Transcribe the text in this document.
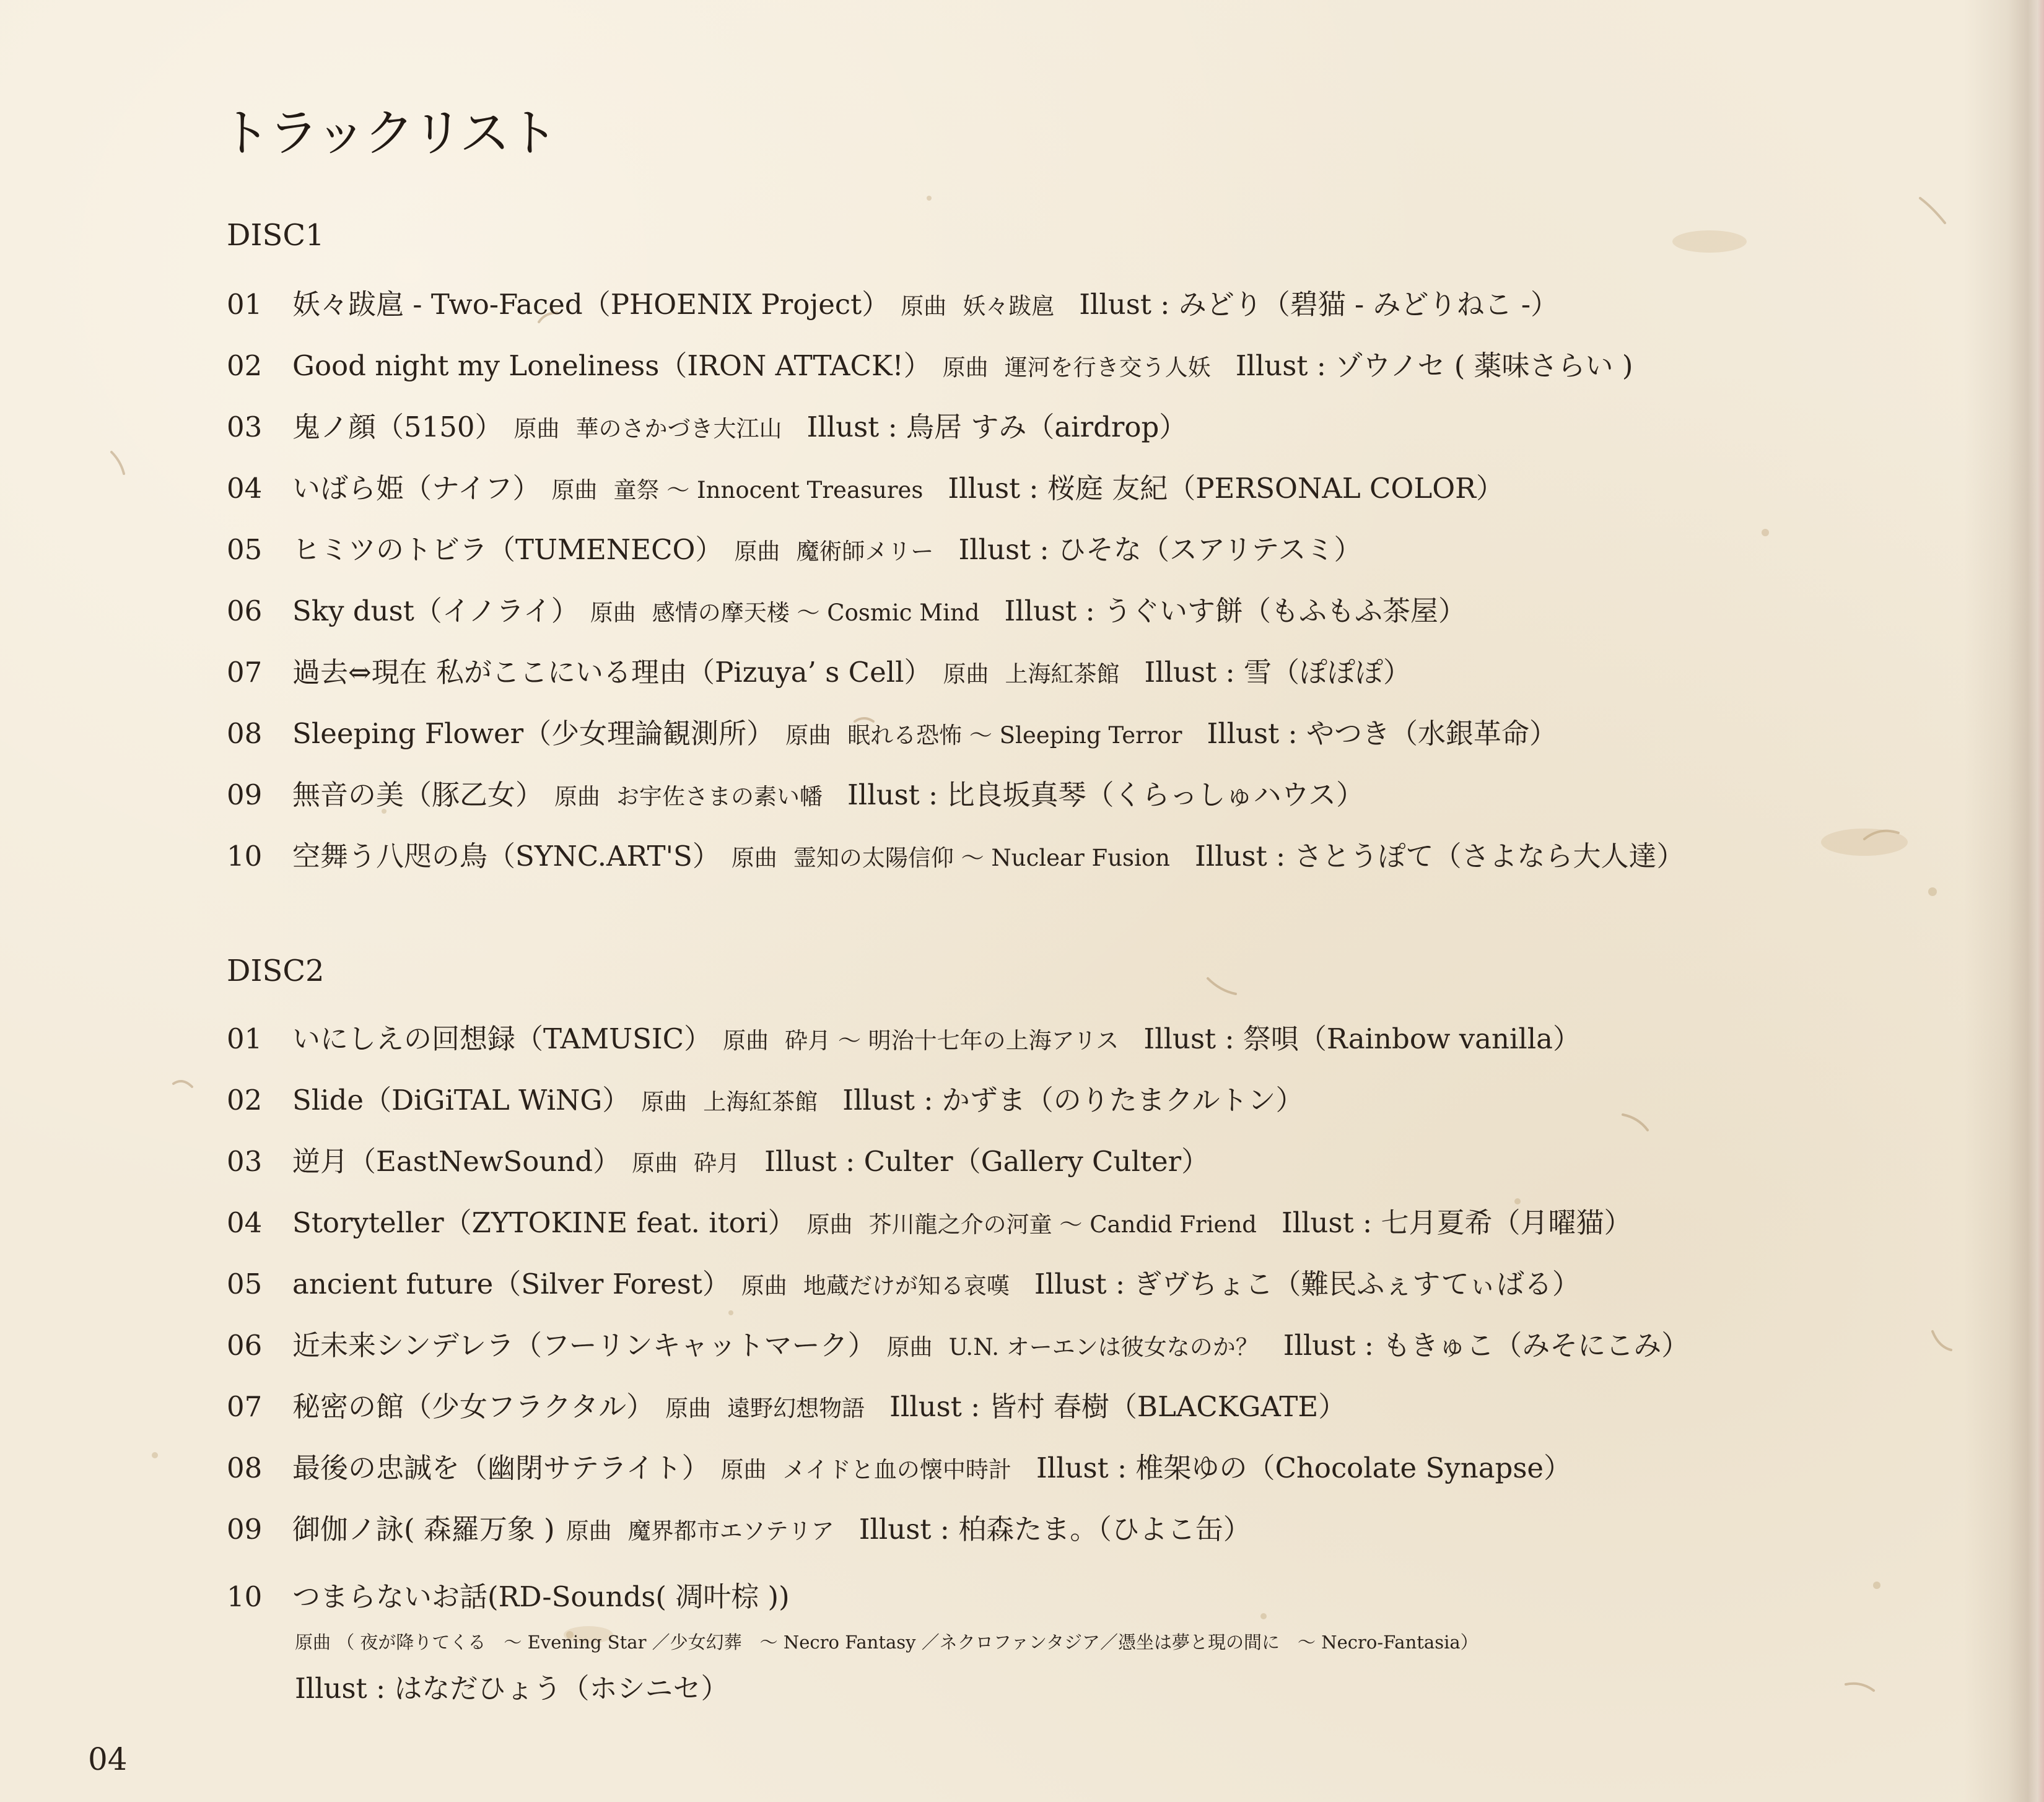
トラックリスト
DISC1
01 妖々跋扈 - Two-Faced（PHOENIX Project） 原曲 妖々跋扈 Illust : みどり（碧猫 - みどりねこ -）
02 Good night my Loneliness（IRON ATTACK!） 原曲 運河を行き交う人妖 Illust : ゾウノセ ( 薬味さらい )
03 鬼ノ顔（5150） 原曲 華のさかづき大江山 Illust : 鳥居 すみ（airdrop）
04 いばら姫（ナイフ） 原曲 童祭 ～ Innocent Treasures Illust : 桜庭 友紀（PERSONAL COLOR）
05 ヒミツのトビラ（TUMENECO） 原曲 魔術師メリー Illust : ひそな（スアリテスミ）
06 Sky dust（イノライ） 原曲 感情の摩天楼 ～ Cosmic Mind Illust : うぐいす餅（もふもふ茶屋）
07 過去⇔現在 私がここにいる理由（Pizuya’ s Cell） 原曲 上海紅茶館 Illust : 雪（ぽぽぽ）
08 Sleeping Flower（少女理論観測所） 原曲 眠れる恐怖 ～ Sleeping Terror Illust : やつき（水銀革命）
09 無音の美（豚乙女） 原曲 お宇佐さまの素い幡 Illust : 比良坂真琴（くらっしゅハウス）
10 空舞う八咫の鳥（SYNC.ART'S） 原曲 霊知の太陽信仰 ～ Nuclear Fusion Illust : さとうぽて（さよなら大人達）
DISC2
01 いにしえの回想録（TAMUSIC） 原曲 砕月 ～ 明治十七年の上海アリス Illust : 祭唄（Rainbow vanilla）
02 Slide（DiGiTAL WiNG） 原曲 上海紅茶館 Illust : かずま（のりたまクルトン）
03 逆月（EastNewSound） 原曲 砕月 Illust : Culter（Gallery Culter）
04 Storyteller（ZYTOKINE feat. itori） 原曲 芥川龍之介の河童 ～ Candid Friend Illust : 七月夏希（月曜猫）
05 ancient future（Silver Forest） 原曲 地蔵だけが知る哀嘆 Illust : ぎヴちょこ（難民ふぇすてぃばる）
06 近未来シンデレラ（フーリンキャットマーク） 原曲 U.N. オーエンは彼女なのか？ Illust : もきゅこ（みそにこみ）
07 秘密の館（少女フラクタル） 原曲 遠野幻想物語 Illust : 皆村 春樹（BLACKGATE）
08 最後の忠誠を（幽閉サテライト） 原曲 メイドと血の懐中時計 Illust : 椎架ゆの（Chocolate Synapse）
09 御伽ノ詠( 森羅万象 ) 原曲 魔界都市エソテリア Illust : 柏森たま。（ひよこ缶）
10 つまらないお話(RD-Sounds( 凋叶棕 ))
原曲 （ 夜が降りてくる　～ Evening Star ／少女幻葬　～ Necro Fantasy ／ネクロファンタジア／憑坐は夢と現の間に　～ Necro-Fantasia）
Illust : はなだひょう（ホシニセ）
04
